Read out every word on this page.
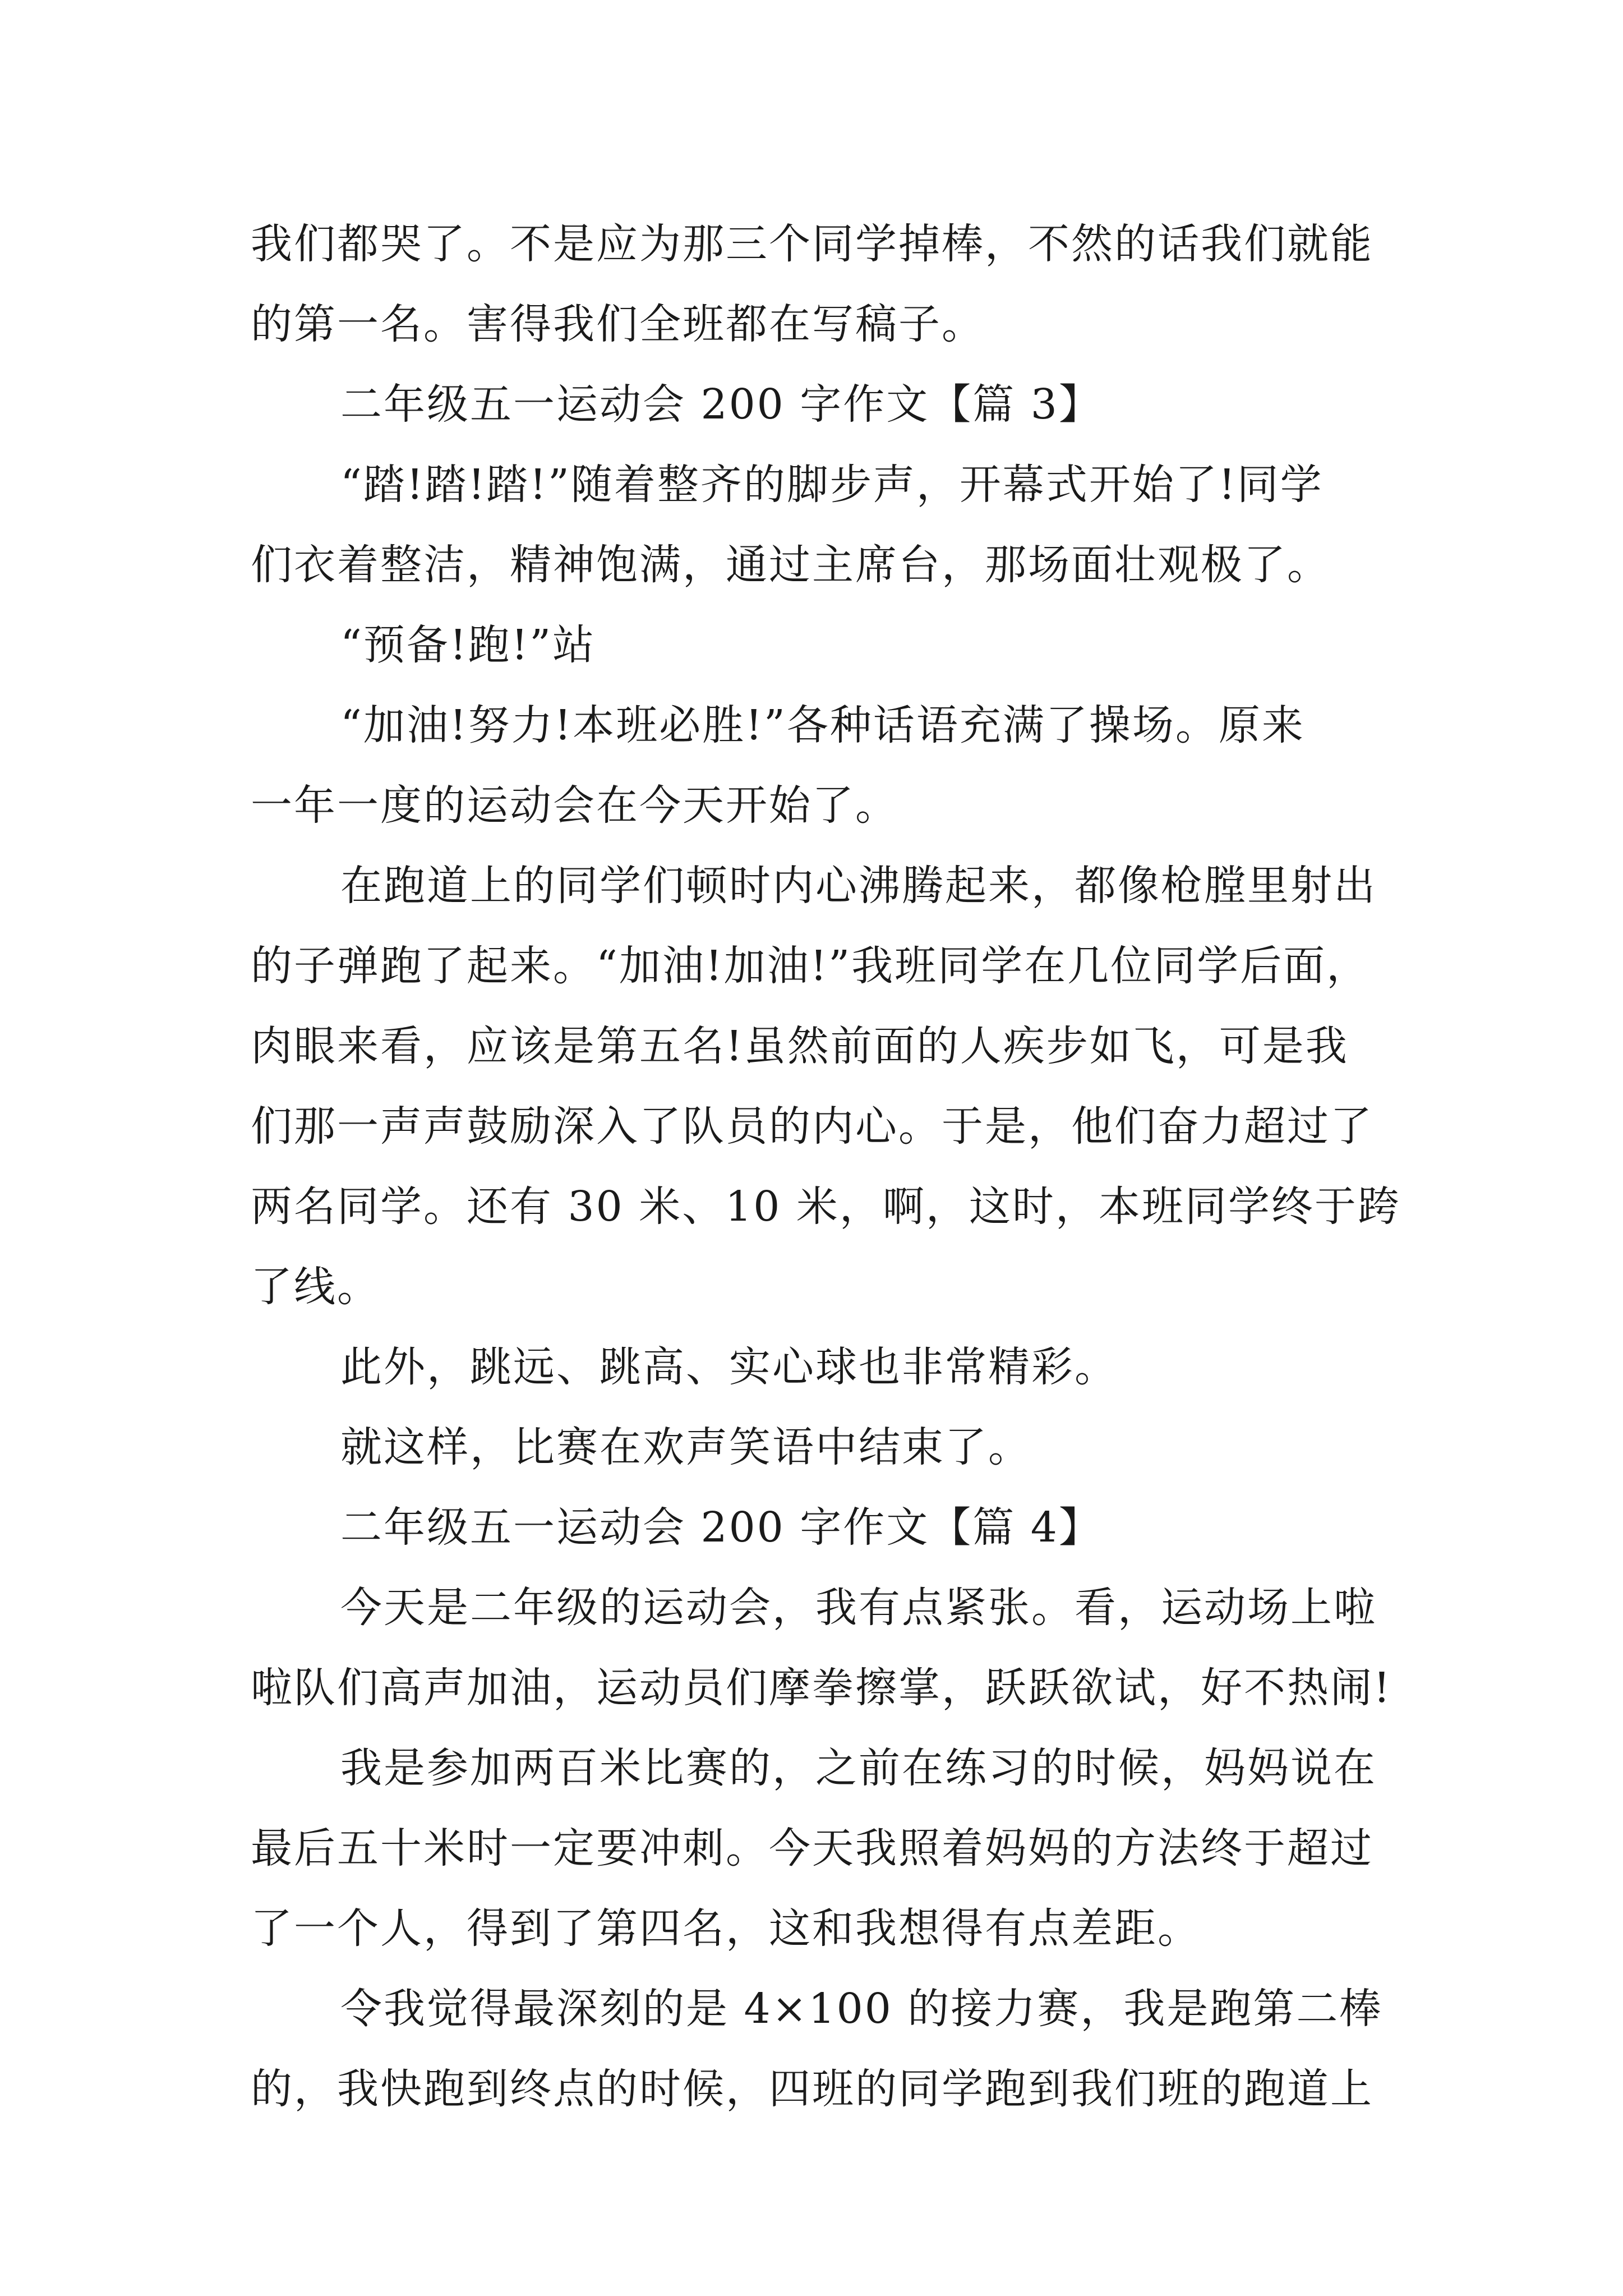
我们都哭了。不是应为那三个同学掉棒，不然的话我们就能
的第一名。害得我们全班都在写稿子。
二年级五一运动会 200 字作文【篇 3】
“踏!踏!踏!”随着整齐的脚步声，开幕式开始了!同学
们衣着整洁，精神饱满，通过主席台，那场面壮观极了。
“预备!跑!”站
“加油!努力!本班必胜!”各种话语充满了操场。原来
一年一度的运动会在今天开始了。
在跑道上的同学们顿时内心沸腾起来，都像枪膛里射出
的子弹跑了起来。“加油!加油!”我班同学在几位同学后面，
肉眼来看，应该是第五名!虽然前面的人疾步如飞，可是我
们那一声声鼓励深入了队员的内心。于是，他们奋力超过了
两名同学。还有 30 米、10 米，啊，这时，本班同学终于跨
了线。
此外，跳远、跳高、实心球也非常精彩。
就这样，比赛在欢声笑语中结束了。
二年级五一运动会 200 字作文【篇 4】
今天是二年级的运动会，我有点紧张。看，运动场上啦
啦队们高声加油，运动员们摩拳擦掌，跃跃欲试，好不热闹!
我是参加两百米比赛的，之前在练习的时候，妈妈说在
最后五十米时一定要冲刺。今天我照着妈妈的方法终于超过
了一个人，得到了第四名，这和我想得有点差距。
令我觉得最深刻的是 4×100 的接力赛，我是跑第二棒
的，我快跑到终点的时候，四班的同学跑到我们班的跑道上
